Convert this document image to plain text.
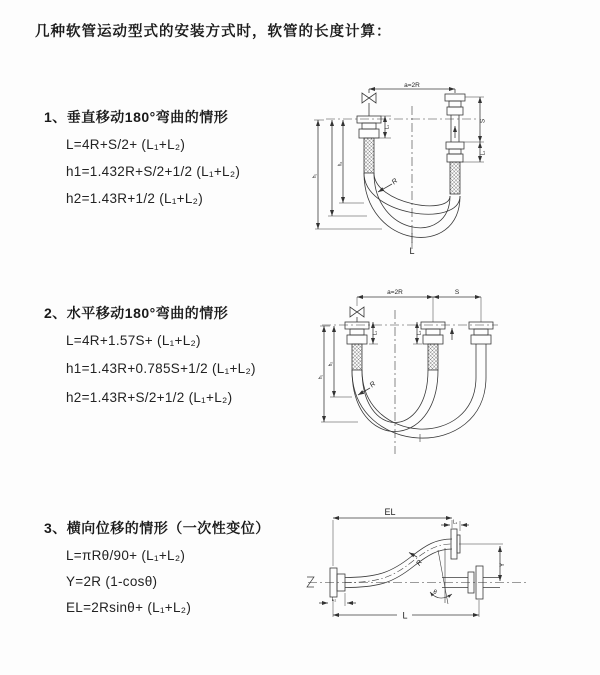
几种软管运动型式的安装方式时，软管的长度计算：
1、垂直移动180°弯曲的情形
L=4R+S/2+ (L₁+L₂)
h1=1.432R+S/2+1/2 (L₁+L₂)
h2=1.43R+1/2 (L₁+L₂)
2、水平移动180°弯曲的情形
L=4R+1.57S+ (L₁+L₂)
h1=1.43R+0.785S+1/2 (L₁+L₂)
h2=1.43R+S/2+1/2 (L₁+L₂)
3、横向位移的情形（一次性变位）
L=πRθ/90+ (L₁+L₂)
Y=2R (1-cosθ)
EL=2Rsinθ+ (L₁+L₂)
a=2R
S
L₁
L₂
h₁
h₂
R
L
a=2R	S
L₁	L₂
h₁
h₂
R
EL
L₁
L₂
Y
L
R
θ
